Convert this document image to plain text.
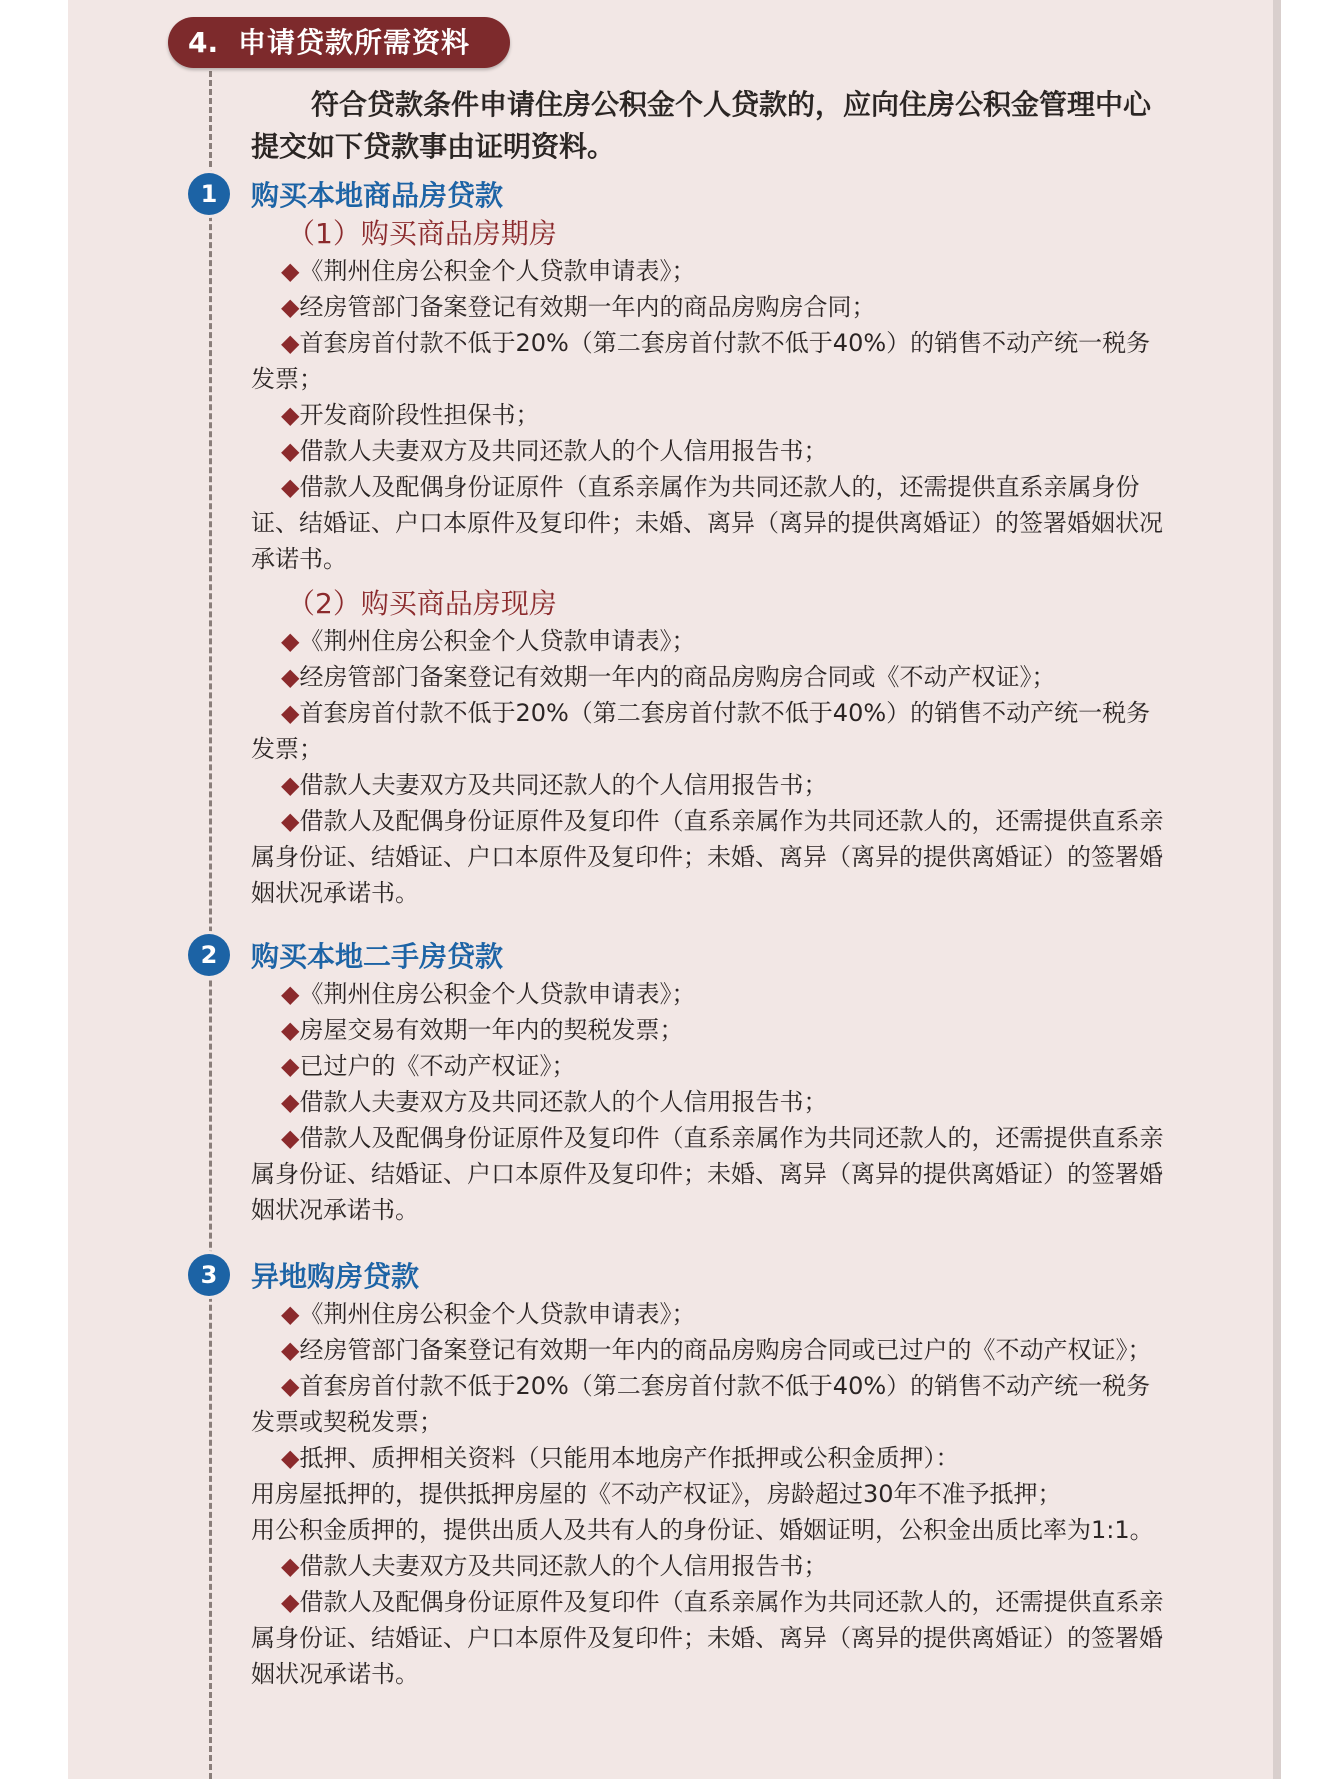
4. 申请贷款所需资料
符合贷款条件申请住房公积金个人贷款的，应向住房公积金管理中心提交如下贷款事由证明资料。
1	购买本地商品房贷款
（1）购买商品房期房
◆《荆州住房公积金个人贷款申请表》；
◆经房管部门备案登记有效期一年内的商品房购房合同；
◆首套房首付款不低于20%（第二套房首付款不低于40%）的销售不动产统一税务发票；
◆开发商阶段性担保书；
◆借款人夫妻双方及共同还款人的个人信用报告书；
◆借款人及配偶身份证原件（直系亲属作为共同还款人的，还需提供直系亲属身份证、结婚证、户口本原件及复印件；未婚、离异（离异的提供离婚证）的签署婚姻状况承诺书。
（2）购买商品房现房
◆《荆州住房公积金个人贷款申请表》；
◆经房管部门备案登记有效期一年内的商品房购房合同或《不动产权证》；
◆首套房首付款不低于20%（第二套房首付款不低于40%）的销售不动产统一税务发票；
◆借款人夫妻双方及共同还款人的个人信用报告书；
◆借款人及配偶身份证原件及复印件（直系亲属作为共同还款人的，还需提供直系亲属身份证、结婚证、户口本原件及复印件；未婚、离异（离异的提供离婚证）的签署婚姻状况承诺书。
2	购买本地二手房贷款
◆《荆州住房公积金个人贷款申请表》；
◆房屋交易有效期一年内的契税发票；
◆已过户的《不动产权证》；
◆借款人夫妻双方及共同还款人的个人信用报告书；
◆借款人及配偶身份证原件及复印件（直系亲属作为共同还款人的，还需提供直系亲属身份证、结婚证、户口本原件及复印件；未婚、离异（离异的提供离婚证）的签署婚姻状况承诺书。
3	异地购房贷款
◆《荆州住房公积金个人贷款申请表》；
◆经房管部门备案登记有效期一年内的商品房购房合同或已过户的《不动产权证》；
◆首套房首付款不低于20%（第二套房首付款不低于40%）的销售不动产统一税务发票或契税发票；
◆抵押、质押相关资料（只能用本地房产作抵押或公积金质押）：
用房屋抵押的，提供抵押房屋的《不动产权证》，房龄超过30年不准予抵押；
用公积金质押的，提供出质人及共有人的身份证、婚姻证明，公积金出质比率为1:1。
◆借款人夫妻双方及共同还款人的个人信用报告书；
◆借款人及配偶身份证原件及复印件（直系亲属作为共同还款人的，还需提供直系亲属身份证、结婚证、户口本原件及复印件；未婚、离异（离异的提供离婚证）的签署婚姻状况承诺书。
